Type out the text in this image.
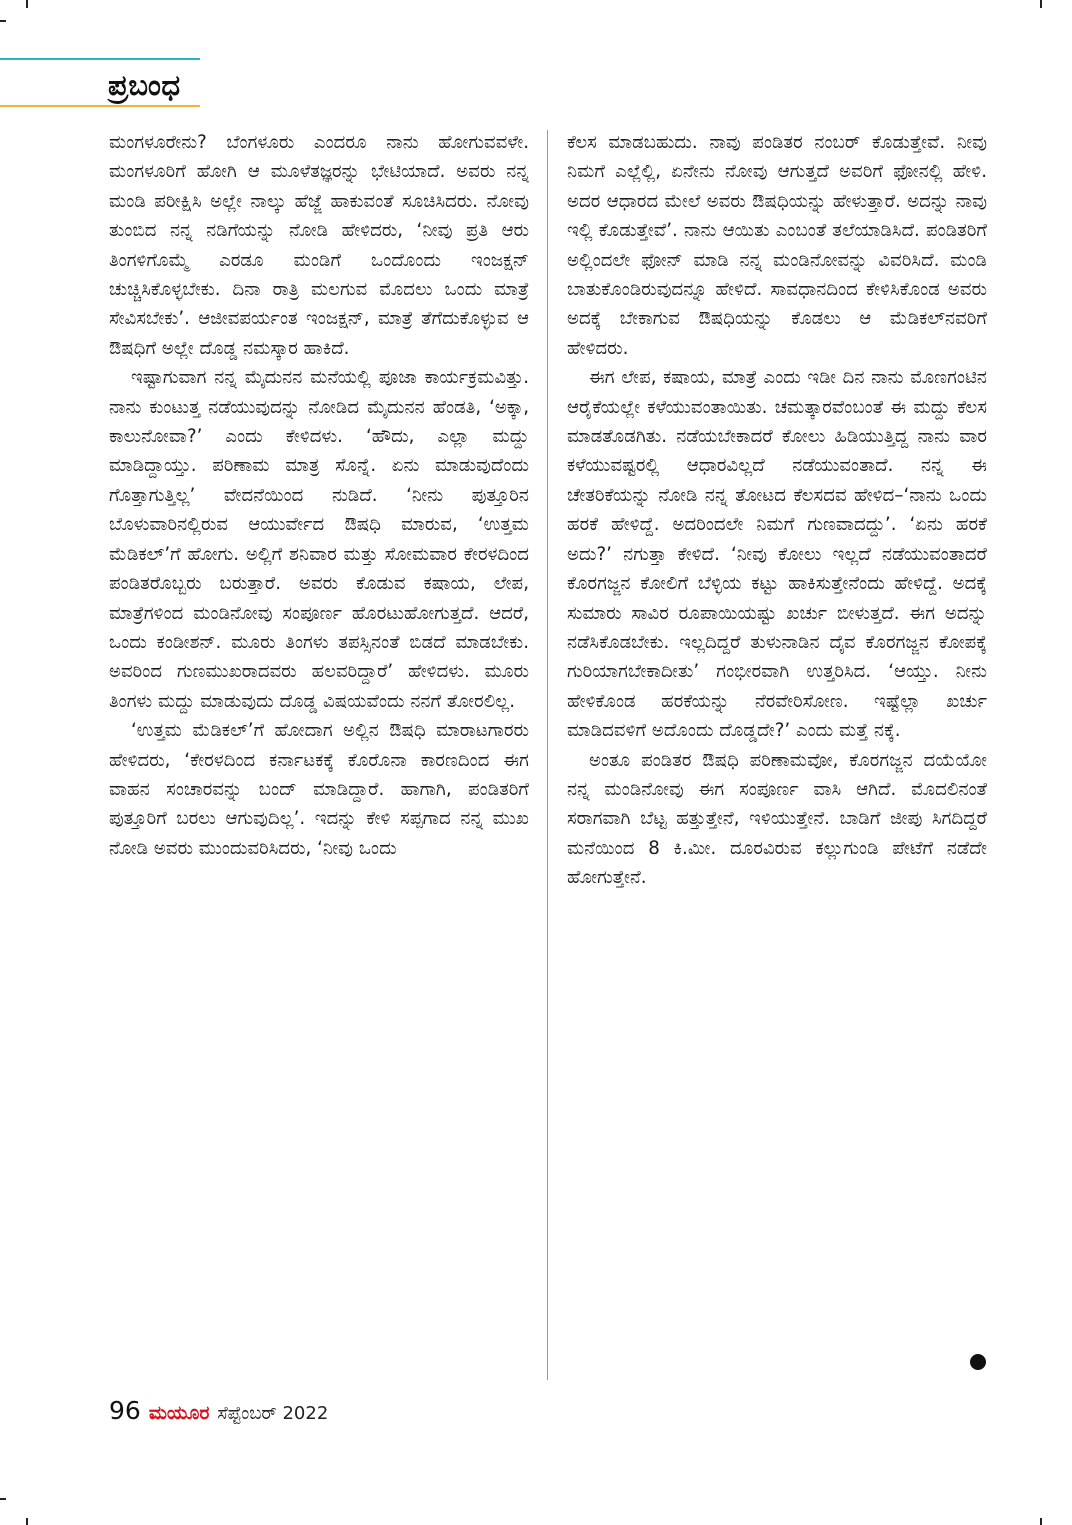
ಪ್ರಬಂಧ

ಮಂಗಳೂರೇನು? ಬೆಂಗಳೂರು ಎಂದರೂ ನಾನು ಹೋಗುವವಳೇ. ಮಂಗಳೂರಿಗೆ ಹೋಗಿ ಆ ಮೂಳೆತಜ್ಞರನ್ನು ಭೇಟಿಯಾದೆ. ಅವರು ನನ್ನ ಮಂಡಿ ಪರೀಕ್ಷಿಸಿ ಅಲ್ಲೇ ನಾಲ್ಕು ಹೆಜ್ಜೆ ಹಾಕುವಂತೆ ಸೂಚಿಸಿದರು. ನೋವು ತುಂಬಿದ ನನ್ನ ನಡಿಗೆಯನ್ನು ನೋಡಿ ಹೇಳಿದರು, ‘ನೀವು ಪ್ರತಿ ಆರು ತಿಂಗಳಿಗೊಮ್ಮೆ ಎರಡೂ ಮಂಡಿಗೆ ಒಂದೊಂದು ಇಂಜಕ್ಷನ್ ಚುಚ್ಚಿಸಿಕೊಳ್ಳಬೇಕು. ದಿನಾ ರಾತ್ರಿ ಮಲಗುವ ಮೊದಲು ಒಂದು ಮಾತ್ರೆ ಸೇವಿಸಬೇಕು’. ಆಜೀವಪರ್ಯಂತ ಇಂಜಕ್ಷನ್, ಮಾತ್ರೆ ತೆಗೆದುಕೊಳ್ಳುವ ಆ ಔಷಧಿಗೆ ಅಲ್ಲೇ ದೊಡ್ಡ ನಮಸ್ಕಾರ ಹಾಕಿದೆ.

ಇಷ್ಟಾಗುವಾಗ ನನ್ನ ಮೈದುನನ ಮನೆಯಲ್ಲಿ ಪೂಜಾ ಕಾರ್ಯಕ್ರಮವಿತ್ತು. ನಾನು ಕುಂಟುತ್ತ ನಡೆಯುವುದನ್ನು ನೋಡಿದ ಮೈದುನನ ಹೆಂಡತಿ, ‘ಅಕ್ಕಾ, ಕಾಲುನೋವಾ?’ ಎಂದು ಕೇಳಿದಳು. ‘ಹೌದು, ಎಲ್ಲಾ ಮದ್ದು ಮಾಡಿದ್ದಾಯ್ತು. ಪರಿಣಾಮ ಮಾತ್ರ ಸೊನ್ನೆ. ಏನು ಮಾಡುವುದೆಂದು ಗೊತ್ತಾಗುತ್ತಿಲ್ಲ’ ವೇದನೆಯಿಂದ ನುಡಿದೆ. ‘ನೀನು ಪುತ್ತೂರಿನ ಬೊಳುವಾರಿನಲ್ಲಿರುವ ಆಯುರ್ವೇದ ಔಷಧಿ ಮಾರುವ, ‘ಉತ್ತಮ ಮೆಡಿಕಲ್’ಗೆ ಹೋಗು. ಅಲ್ಲಿಗೆ ಶನಿವಾರ ಮತ್ತು ಸೋಮವಾರ ಕೇರಳದಿಂದ ಪಂಡಿತರೊಬ್ಬರು ಬರುತ್ತಾರೆ. ಅವರು ಕೊಡುವ ಕಷಾಯ, ಲೇಪ, ಮಾತ್ರೆಗಳಿಂದ ಮಂಡಿನೋವು ಸಂಪೂರ್ಣ ಹೊರಟುಹೋಗುತ್ತದೆ. ಆದರೆ, ಒಂದು ಕಂಡೀಶನ್. ಮೂರು ತಿಂಗಳು ತಪಸ್ಸಿನಂತೆ ಬಿಡದೆ ಮಾಡಬೇಕು. ಅವರಿಂದ ಗುಣಮುಖರಾದವರು ಹಲವರಿದ್ದಾರೆ’ ಹೇಳಿದಳು. ಮೂರು ತಿಂಗಳು ಮದ್ದು ಮಾಡುವುದು ದೊಡ್ಡ ವಿಷಯವೆಂದು ನನಗೆ ತೋರಲಿಲ್ಲ.

‘ಉತ್ತಮ ಮೆಡಿಕಲ್’ಗೆ ಹೋದಾಗ ಅಲ್ಲಿನ ಔಷಧಿ ಮಾರಾಟಗಾರರು ಹೇಳಿದರು, ‘ಕೇರಳದಿಂದ ಕರ್ನಾಟಕಕ್ಕೆ ಕೊರೊನಾ ಕಾರಣದಿಂದ ಈಗ ವಾಹನ ಸಂಚಾರವನ್ನು ಬಂದ್ ಮಾಡಿದ್ದಾರೆ. ಹಾಗಾಗಿ, ಪಂಡಿತರಿಗೆ ಪುತ್ತೂರಿಗೆ ಬರಲು ಆಗುವುದಿಲ್ಲ’. ಇದನ್ನು ಕೇಳಿ ಸಪ್ಪಗಾದ ನನ್ನ ಮುಖ ನೋಡಿ ಅವರು ಮುಂದುವರಿಸಿದರು, ‘ನೀವು ಒಂದು

ಕೆಲಸ ಮಾಡಬಹುದು. ನಾವು ಪಂಡಿತರ ನಂಬರ್ ಕೊಡುತ್ತೇವೆ. ನೀವು ನಿಮಗೆ ಎಲ್ಲೆಲ್ಲಿ, ಏನೇನು ನೋವು ಆಗುತ್ತದೆ ಅವರಿಗೆ ಫೋನಲ್ಲಿ ಹೇಳಿ. ಅದರ ಆಧಾರದ ಮೇಲೆ ಅವರು ಔಷಧಿಯನ್ನು ಹೇಳುತ್ತಾರೆ. ಅದನ್ನು ನಾವು ಇಲ್ಲಿ ಕೊಡುತ್ತೇವೆ’. ನಾನು ಆಯಿತು ಎಂಬಂತೆ ತಲೆಯಾಡಿಸಿದೆ. ಪಂಡಿತರಿಗೆ ಅಲ್ಲಿಂದಲೇ ಫೋನ್ ಮಾಡಿ ನನ್ನ ಮಂಡಿನೋವನ್ನು ವಿವರಿಸಿದೆ. ಮಂಡಿ ಬಾತುಕೊಂಡಿರುವುದನ್ನೂ ಹೇಳಿದೆ. ಸಾವಧಾನದಿಂದ ಕೇಳಿಸಿಕೊಂಡ ಅವರು ಅದಕ್ಕೆ ಬೇಕಾಗುವ ಔಷಧಿಯನ್ನು ಕೊಡಲು ಆ ಮೆಡಿಕಲ್‌ನವರಿಗೆ ಹೇಳಿದರು.

ಈಗ ಲೇಪ, ಕಷಾಯ, ಮಾತ್ರೆ ಎಂದು ಇಡೀ ದಿನ ನಾನು ಮೊಣಗಂಟಿನ ಆರೈಕೆಯಲ್ಲೇ ಕಳೆಯುವಂತಾಯಿತು. ಚಮತ್ಕಾರವೆಂಬಂತೆ ಈ ಮದ್ದು ಕೆಲಸ ಮಾಡತೊಡಗಿತು. ನಡೆಯಬೇಕಾದರೆ ಕೋಲು ಹಿಡಿಯುತ್ತಿದ್ದ ನಾನು ವಾರ ಕಳೆಯುವಷ್ಟರಲ್ಲಿ ಆಧಾರವಿಲ್ಲದೆ ನಡೆಯುವಂತಾದೆ. ನನ್ನ ಈ ಚೇತರಿಕೆಯನ್ನು ನೋಡಿ ನನ್ನ ತೋಟದ ಕೆಲಸದವ ಹೇಳಿದ–‘ನಾನು ಒಂದು ಹರಕೆ ಹೇಳಿದ್ದೆ. ಅದರಿಂದಲೇ ನಿಮಗೆ ಗುಣವಾದದ್ದು’. ‘ಏನು ಹರಕೆ ಅದು?’ ನಗುತ್ತಾ ಕೇಳಿದೆ. ‘ನೀವು ಕೋಲು ಇಲ್ಲದೆ ನಡೆಯುವಂತಾದರೆ ಕೊರಗಜ್ಜನ ಕೋಲಿಗೆ ಬೆಳ್ಳಿಯ ಕಟ್ಟು ಹಾಕಿಸುತ್ತೇನೆಂದು ಹೇಳಿದ್ದೆ. ಅದಕ್ಕೆ ಸುಮಾರು ಸಾವಿರ ರೂಪಾಯಿಯಷ್ಟು ಖರ್ಚು ಬೀಳುತ್ತದೆ. ಈಗ ಅದನ್ನು ನಡೆಸಿಕೊಡಬೇಕು. ಇಲ್ಲದಿದ್ದರೆ ತುಳುನಾಡಿನ ದೈವ ಕೊರಗಜ್ಜನ ಕೋಪಕ್ಕೆ ಗುರಿಯಾಗಬೇಕಾದೀತು’ ಗಂಭೀರವಾಗಿ ಉತ್ತರಿಸಿದ. ‘ಆಯ್ತು. ನೀನು ಹೇಳಿಕೊಂಡ ಹರಕೆಯನ್ನು ನೆರವೇರಿಸೋಣ. ಇಷ್ಟೆಲ್ಲಾ ಖರ್ಚು ಮಾಡಿದವಳಿಗೆ ಅದೊಂದು ದೊಡ್ಡದೇ?’ ಎಂದು ಮತ್ತೆ ನಕ್ಕೆ.

ಅಂತೂ ಪಂಡಿತರ ಔಷಧಿ ಪರಿಣಾಮವೋ, ಕೊರಗಜ್ಜನ ದಯೆಯೋ ನನ್ನ ಮಂಡಿನೋವು ಈಗ ಸಂಪೂರ್ಣ ವಾಸಿ ಆಗಿದೆ. ಮೊದಲಿನಂತೆ ಸರಾಗವಾಗಿ ಬೆಟ್ಟ ಹತ್ತುತ್ತೇನೆ, ಇಳಿಯುತ್ತೇನೆ. ಬಾಡಿಗೆ ಜೀಪು ಸಿಗದಿದ್ದರೆ ಮನೆಯಿಂದ 8 ಕಿ.ಮೀ. ದೂರವಿರುವ ಕಲ್ಲುಗುಂಡಿ ಪೇಟೆಗೆ ನಡೆದೇ ಹೋಗುತ್ತೇನೆ.

96 ಮಯೂರ ಸೆಪ್ಟೆಂಬರ್ 2022
